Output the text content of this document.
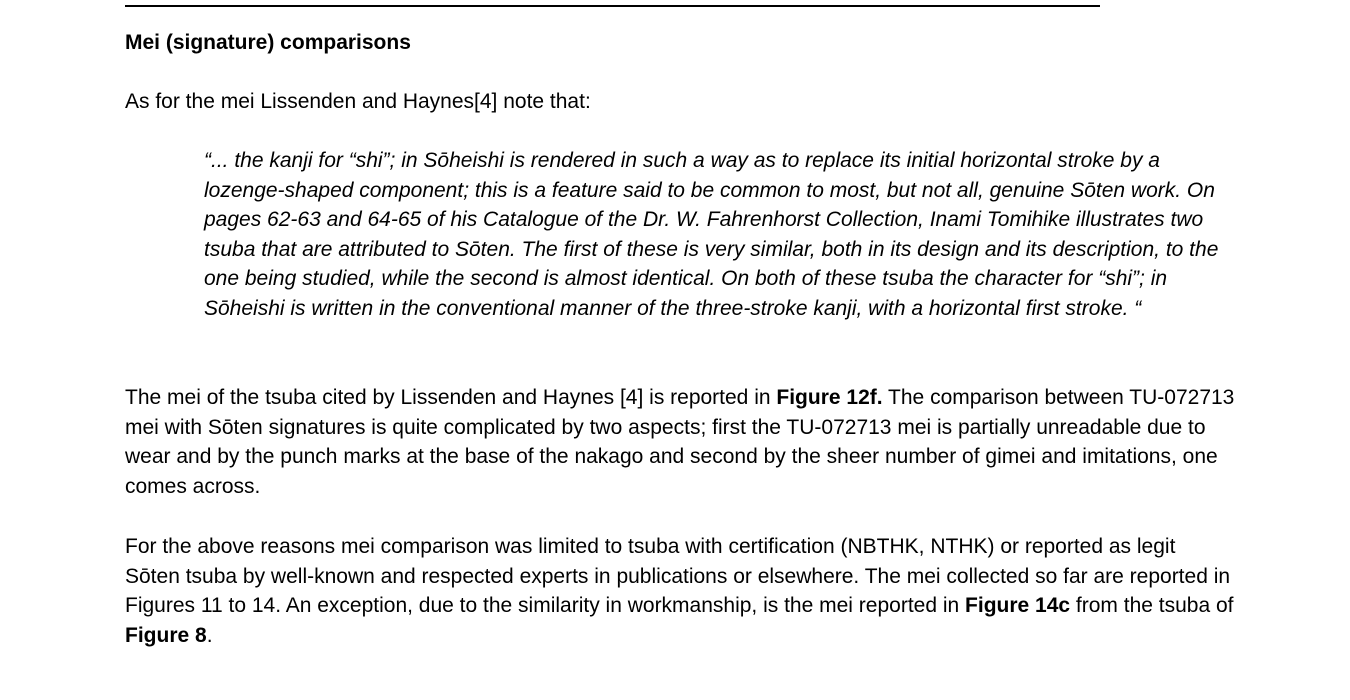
Mei (signature) comparisons
As for the mei Lissenden and Haynes[4] note that:
“... the kanji for “shi”; in Sōheishi is rendered in such a way as to replace its initial horizontal stroke by a lozenge-shaped component; this is a feature said to be common to most, but not all, genuine Sōten work. On pages 62-63 and 64-65 of his Catalogue of the Dr. W. Fahrenhorst Collection, Inami Tomihike illustrates two tsuba that are attributed to Sōten. The first of these is very similar, both in its design and its description, to the one being studied, while the second is almost identical. On both of these tsuba the character for “shi”; in Sōheishi is written in the conventional manner of the three-stroke kanji, with a horizontal first stroke. “
The mei of the tsuba cited by Lissenden and Haynes [4] is reported in Figure 12f. The comparison between TU-072713 mei with Sōten signatures is quite complicated by two aspects; first the TU-072713 mei is partially unreadable due to wear and by the punch marks at the base of the nakago and second by the sheer number of gimei and imitations, one comes across.
For the above reasons mei comparison was limited to tsuba with certification (NBTHK, NTHK) or reported as legit Sōten tsuba by well-known and respected experts in publications or elsewhere. The mei collected so far are reported in Figures 11 to 14. An exception, due to the similarity in workmanship, is the mei reported in Figure 14c from the tsuba of Figure 8.
